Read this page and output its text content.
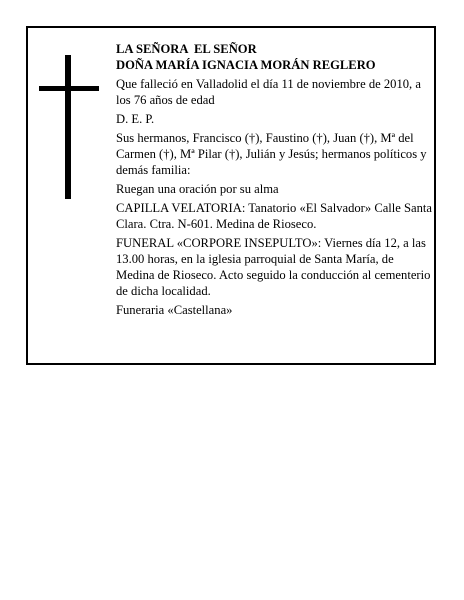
LA SEÑORA  EL SEÑOR

DOÑA MARÍA IGNACIA MORÁN REGLERO

Que falleció en Valladolid el día 11 de noviembre de 2010, a los 76 años de edad

D. E. P.

Sus hermanos, Francisco (†), Faustino (†), Juan (†), Mª del Carmen (†), Mª Pilar (†), Julián y Jesús; hermanos políticos y demás familia:

Ruegan una oración por su alma

CAPILLA VELATORIA: Tanatorio «El Salvador» Calle Santa Clara. Ctra. N-601. Medina de Rioseco.

FUNERAL «CORPORE INSEPULTO»: Viernes día 12, a las 13.00 horas, en la iglesia parroquial de Santa María, de Medina de Rioseco. Acto seguido la conducción al cementerio de dicha localidad.

Funeraria «Castellana»
